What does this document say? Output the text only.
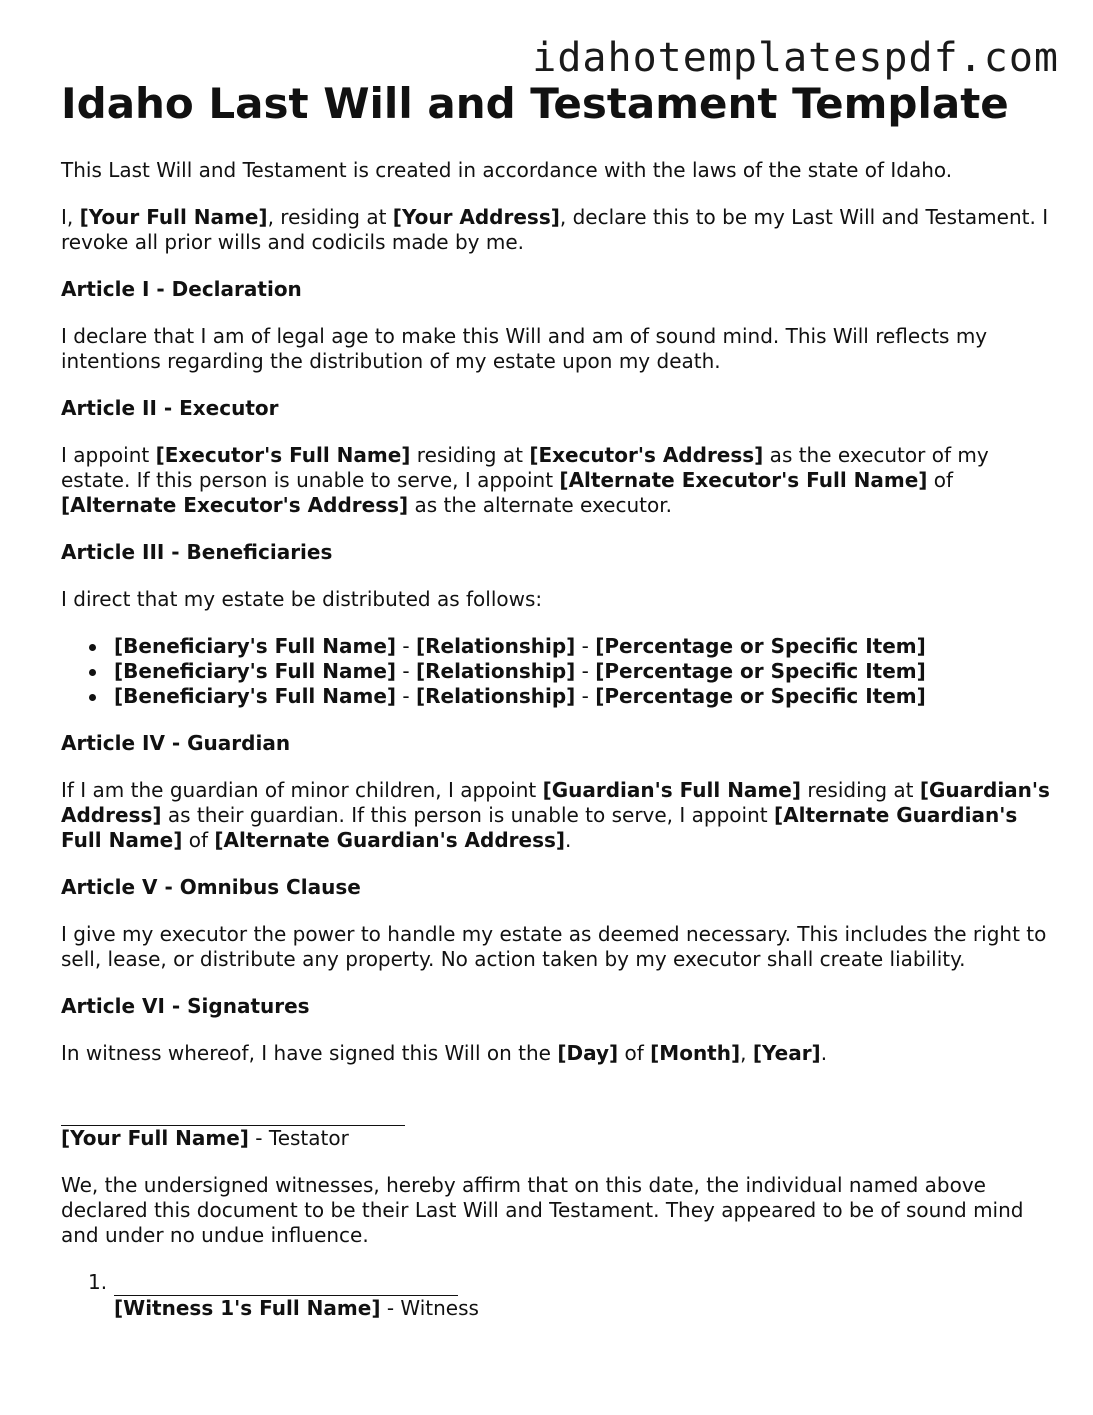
idahotemplatespdf.com
Idaho Last Will and Testament Template

This Last Will and Testament is created in accordance with the laws of the state of Idaho.

I, [Your Full Name], residing at [Your Address], declare this to be my Last Will and Testament. I revoke all prior wills and codicils made by me.

Article I - Declaration

I declare that I am of legal age to make this Will and am of sound mind. This Will reflects my intentions regarding the distribution of my estate upon my death.

Article II - Executor

I appoint [Executor's Full Name] residing at [Executor's Address] as the executor of my estate. If this person is unable to serve, I appoint [Alternate Executor's Full Name] of [Alternate Executor's Address] as the alternate executor.

Article III - Beneficiaries

I direct that my estate be distributed as follows:

[Beneficiary's Full Name] - [Relationship] - [Percentage or Specific Item]
[Beneficiary's Full Name] - [Relationship] - [Percentage or Specific Item]
[Beneficiary's Full Name] - [Relationship] - [Percentage or Specific Item]
Article IV - Guardian

If I am the guardian of minor children, I appoint [Guardian's Full Name] residing at [Guardian's Address] as their guardian. If this person is unable to serve, I appoint [Alternate Guardian's Full Name] of [Alternate Guardian's Address].

Article V - Omnibus Clause

I give my executor the power to handle my estate as deemed necessary. This includes the right to sell, lease, or distribute any property. No action taken by my executor shall create liability.

Article VI - Signatures

In witness whereof, I have signed this Will on the [Day] of [Month], [Year].

[Your Full Name] - Testator

We, the undersigned witnesses, hereby affirm that on this date, the individual named above declared this document to be their Last Will and Testament. They appeared to be of sound mind and under no undue influence.

1.

[Witness 1's Full Name] - Witness
